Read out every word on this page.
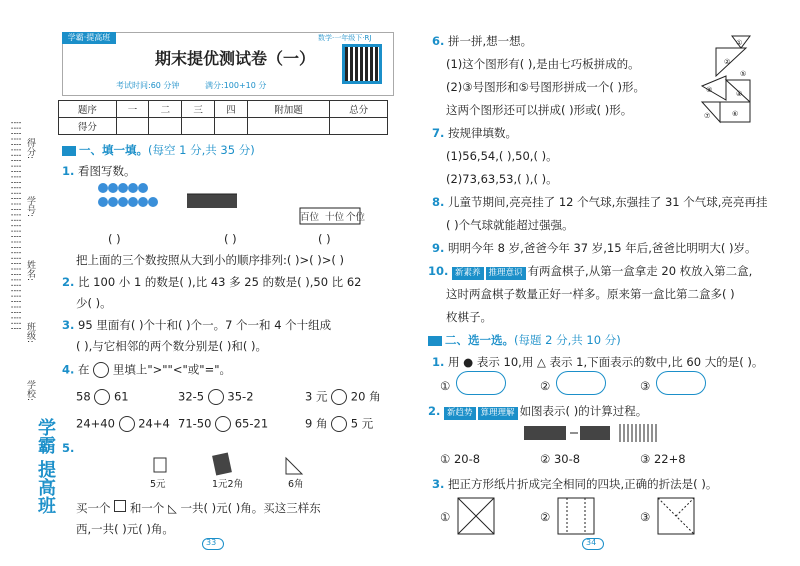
┊┊┊┊┊┊┊┊┊┊┊┊┊┊┊┊┊┊┊┊┊┊┊┊┊┊┊┊┊┊┊┊┊┊┊┊┊┊┊ 得分:
学号:
姓名:
班级:
学校:
学霸 提高班
学霸·提高班	数学·一年级下·RJ
期末提优测试卷（一）
考试时间:60 分钟	满分:100+10 分
题序	一	二	三	四	附加题	总分
得分						
一、填一填。(每空 1 分,共 35 分)
1. 看图写数。
百位 十位 个位
( )	( )	( )
把上面的三个数按照从大到小的顺序排列:( )>( )>( )
2. 比 100 小 1 的数是( ),比 43 多 25 的数是( ),50 比 62
少( )。
3. 95 里面有( )个十和( )个一。7 个一和 4 个十组成
( ),与它相邻的两个数分别是( )和( )。
4. 在 里填上">""<"或"="。
58 61	32-5 35-2	3 元 20 角
24+40 24+4 71-50 65-21	9 角 5 元
5.
5元	1元2角	6角
买一个 和一个 ◺ 一共( )元( )角。买这三样东
西,一共( )元( )角。
33
6. 拼一拼,想一想。
(1)这个图形有( ),是由七巧板拼成的。
(2)③号图形和⑤号图形拼成一个( )形。
这两个图形还可以拼成( )形或( )形。
①
②
③	④
⑥
⑦
⑤
7. 按规律填数。
(1)56,54,( ),50,( )。
(2)73,63,53,( ),( )。
8. 儿童节期间,亮亮挂了 12 个气球,东强挂了 31 个气球,亮亮再挂
( )个气球就能超过强强。
9. 明明今年 8 岁,爸爸今年 37 岁,15 年后,爸爸比明明大( )岁。
10. 新素养 推理意识 有两盒棋子,从第一盒拿走 20 枚放入第二盒,
这时两盒棋子数量正好一样多。原来第一盒比第二盒多( )
枚棋子。
二、选一选。(每题 2 分,共 10 分)
1. 用 ● 表示 10,用 △ 表示 1,下面表示的数中,比 60 大的是( )。
①	②	③
2. 新趋势 算理理解 如图表示( )的计算过程。
① 20-8	② 30-8	③ 22+8
3. 把正方形纸片折成完全相同的四块,正确的折法是( )。
①	②	③
34
